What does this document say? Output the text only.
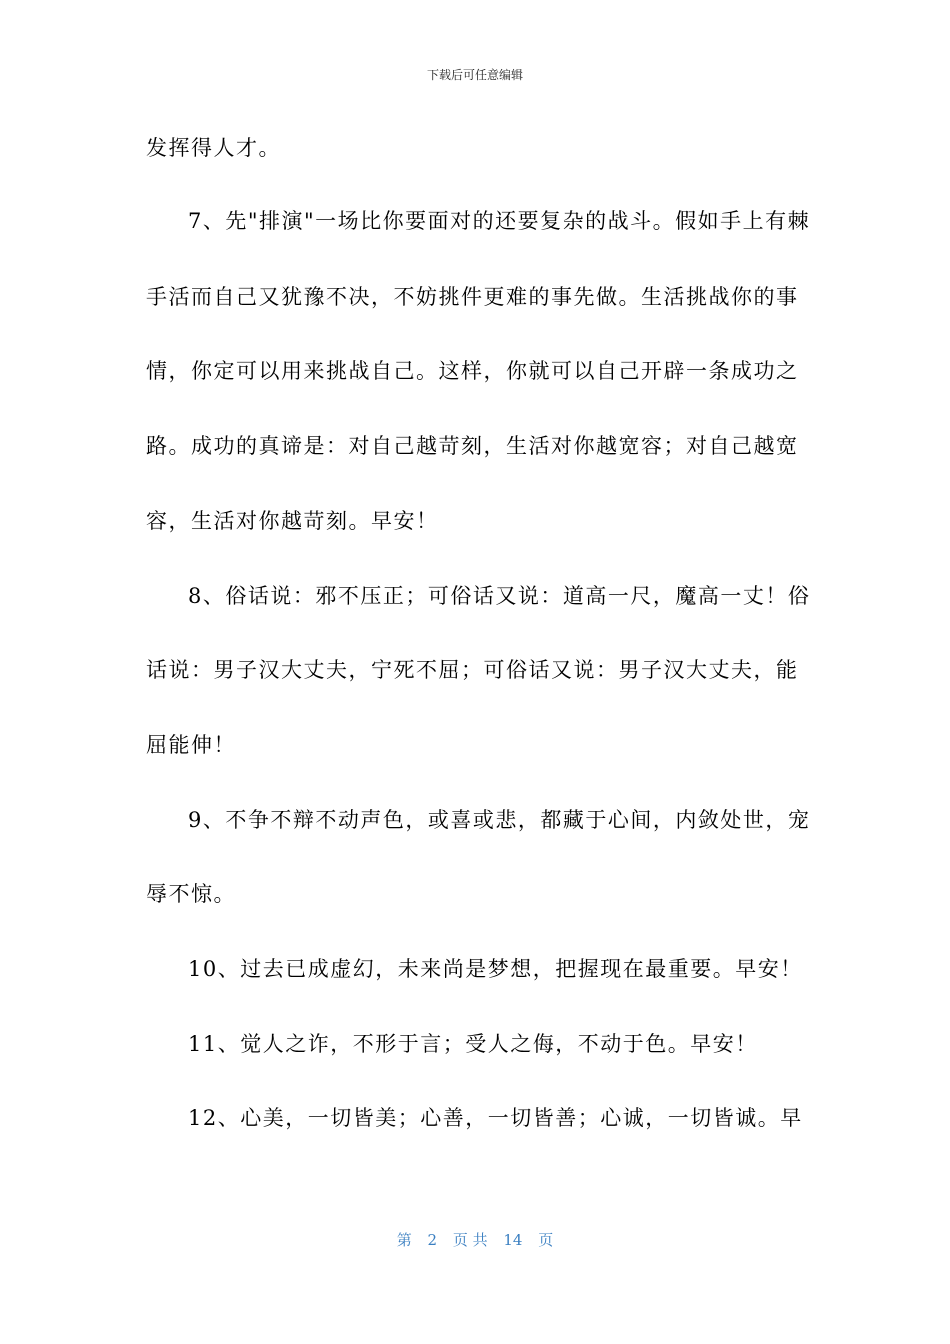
下载后可任意编辑
发挥得人才。
7、先"排演"一场比你要面对的还要复杂的战斗。假如手上有棘
手活而自己又犹豫不决，不妨挑件更难的事先做。生活挑战你的事
情，你定可以用来挑战自己。这样，你就可以自己开辟一条成功之
路。成功的真谛是：对自己越苛刻，生活对你越宽容；对自己越宽
容，生活对你越苛刻。早安！
8、俗话说：邪不压正；可俗话又说：道高一尺，魔高一丈！俗
话说：男子汉大丈夫，宁死不屈；可俗话又说：男子汉大丈夫，能
屈能伸！
9、不争不辩不动声色，或喜或悲，都藏于心间，内敛处世，宠
辱不惊。
10、过去已成虚幻，未来尚是梦想，把握现在最重要。早安！
11、觉人之诈，不形于言；受人之侮，不动于色。早安！
12、心美，一切皆美；心善，一切皆善；心诚，一切皆诚。早
第 2 页 共 14 页
